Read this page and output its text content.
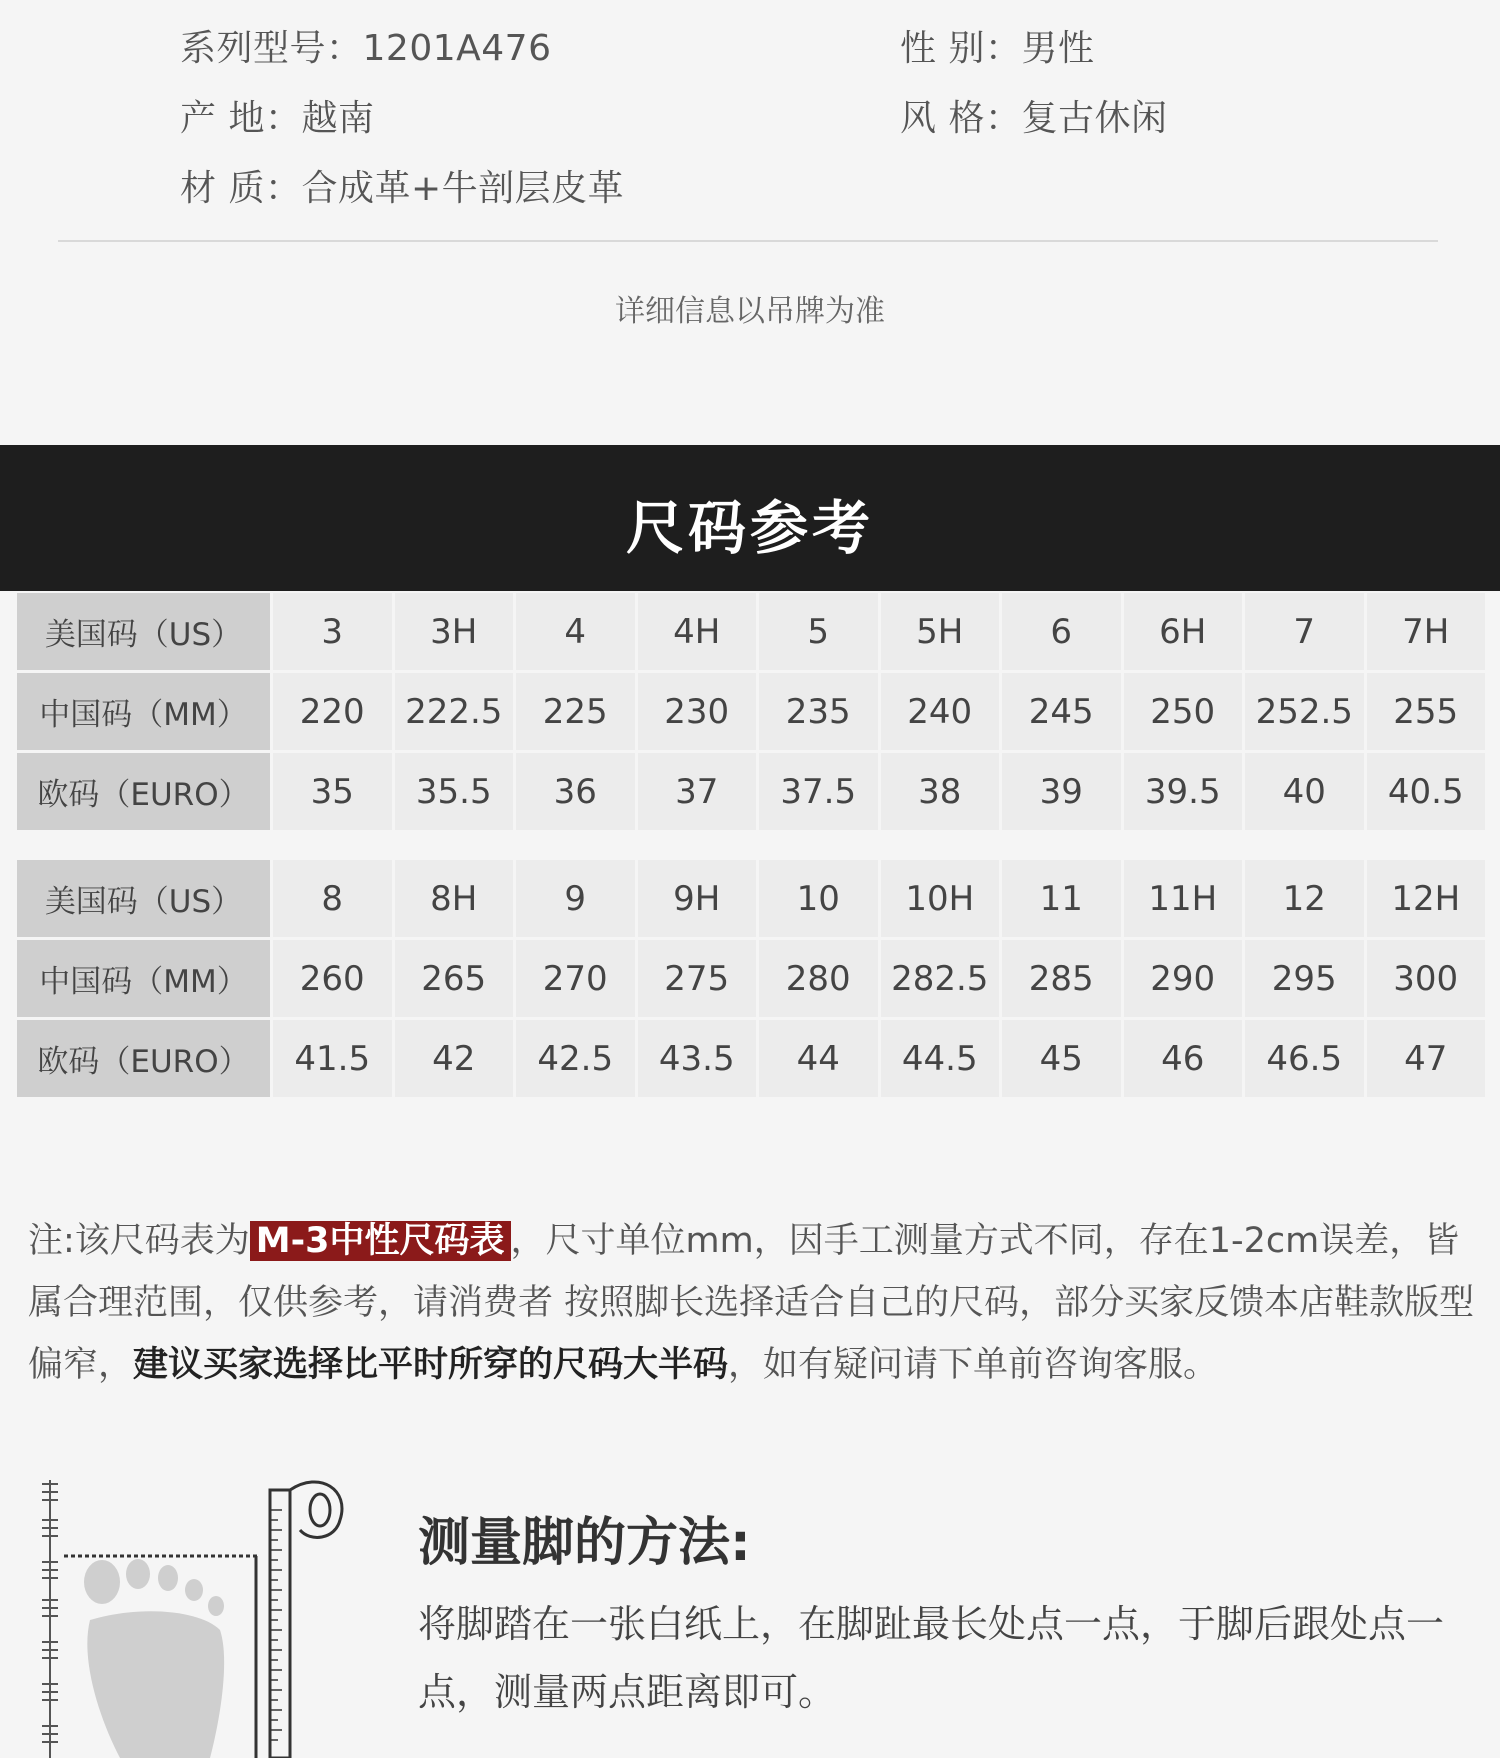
系列型号：1201A476	性 别：男性
产 地：越南	风 格：复古休闲
材 质：合成革+牛剖层皮革
详细信息以吊牌为准
尺码参考
美国码（US）	3	3H	4	4H	5	5H	6	6H	7	7H
中国码（MM）	220	222.5	225	230	235	240	245	250	252.5	255
欧码（EURO）	35	35.5	36	37	37.5	38	39	39.5	40	40.5
美国码（US）	8	8H	9	9H	10	10H	11	11H	12	12H
中国码（MM）	260	265	270	275	280	282.5	285	290	295	300
欧码（EURO）	41.5	42	42.5	43.5	44	44.5	45	46	46.5	47
注:该尺码表为 M-3中性尺码表 ，尺寸单位mm，因手工测量方式不同，存在1-2cm误差，皆属合理范围，仅供参考，请消费者 按照脚长选择适合自己的尺码，部分买家反馈本店鞋款版型偏窄，建议买家选择比平时所穿的尺码大半码，如有疑问请下单前咨询客服。
测量脚的方法:
将脚踏在一张白纸上，在脚趾最长处点一点，于脚后跟处点一点，测量两点距离即可。
